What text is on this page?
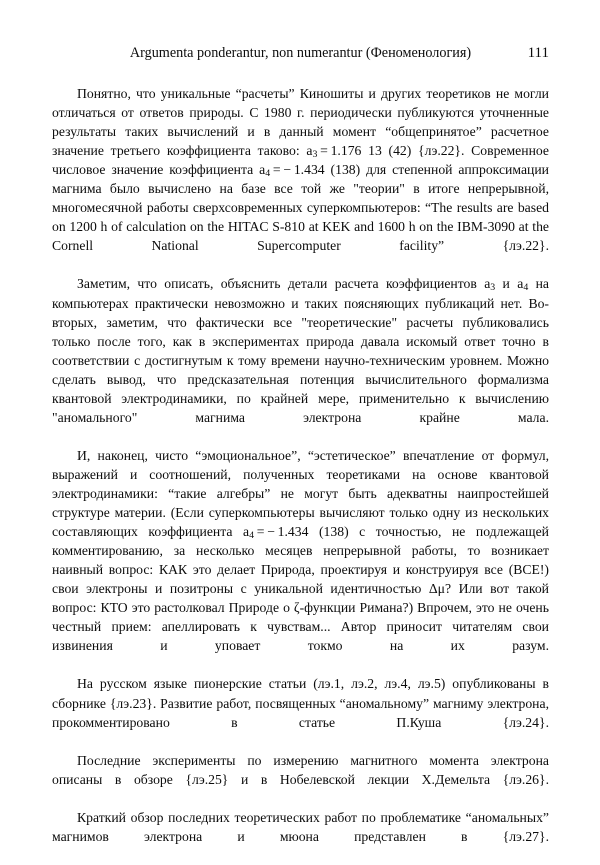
Argumenta ponderantur, non numerantur (Феноменология)	111

Понятно, что уникальные “расчеты” Киношиты и других теоретиков не могли отличаться от ответов природы. С 1980 г. периодически публикуются уточненные результаты таких вычислений и в данный момент “общепринятое” расчетное значение третьего коэффициента таково: $a_3 = 1.176$ 13 (42) {лэ.22}. Современное числовое значение коэффициента $a_4$ = − 1.434 (138) для степенной аппроксимации магнима было вычислено на базе все той же "теории" в итоге непрерывной, многомесячной работы сверхсовременных суперкомпьютеров: “The results are based on 1200 h of calculation on the HITAC S-810 at KEK and 1600 h on the IBM-3090 at the Cornell National Supercomputer facility” {лэ.22}.

Заметим, что описать, объяснить детали расчета коэффициентов $a_3$ и $a_4$ на компьютерах практически невозможно и таких поясняющих публикаций нет. Во-вторых, заметим, что фактически все "теоретические" расчеты публиковались только после того, как в экспериментах природа давала искомый ответ точно в соответствии с достигнутым к тому времени научно-техническим уровнем. Можно сделать вывод, что предсказательная потенция вычислительного формализма квантовой электродинамики, по крайней мере, применительно к вычислению "аномального" магнима электрона крайне мала.

И, наконец, чисто “эмоциональное”, “эстетическое” впечатление от формул, выражений и соотношений, полученных теоретиками на основе квантовой электродинамики: “такие алгебры” не могут быть адекватны наипростейшей структуре материи. (Если суперкомпьютеры вычисляют только одну из нескольких составляющих коэффициента $a_4$ = − 1.434 (138) с точностью, не подлежащей комментированию, за несколько месяцев непрерывной работы, то возникает наивный вопрос: КАК это делает Природа, проектируя и конструируя все (ВСЕ!) свои электроны и позитроны с уникальной идентичностью Δμ? Или вот такой вопрос: КТО это растолковал Природе о ζ-функции Римана?) Впрочем, это не очень честный прием: апеллировать к чувствам... Автор приносит читателям свои извинения и уповает токмо на их разум.

На русском языке пионерские статьи (лэ.1, лэ.2, лэ.4, лэ.5) опубликованы в сборнике {лэ.23}. Развитие работ, посвященных “аномальному” магниму электрона, прокомментировано в статье П.Куша {лэ.24}.

Последние эксперименты по измерению магнитного момента электрона описаны в обзоре {лэ.25} и в Нобелевской лекции Х.Демельта {лэ.26}.

Краткий обзор последних теоретических работ по проблематике “аномальных” магнимов электрона и мюона представлен в {лэ.27}.
